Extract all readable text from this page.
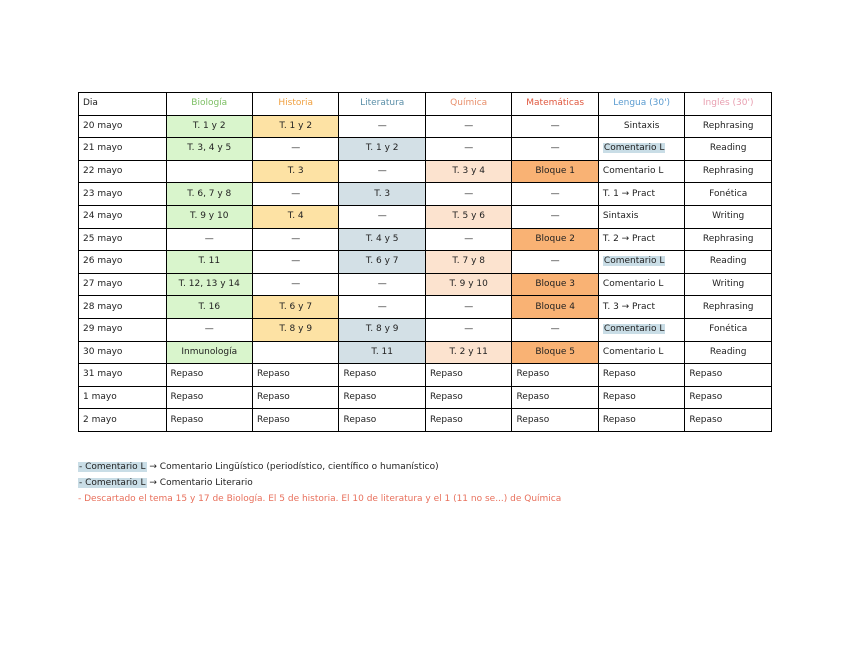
Dia	Biología	Historia	Literatura	Química	Matemáticas	Lengua (30')	Inglés (30')
20 mayo	T. 1 y 2	T. 1 y 2	—	—	—	Sintaxis	Rephrasing
21 mayo	T. 3, 4 y 5	—	T. 1 y 2	—	—	Comentario L	Reading
22 mayo		T. 3	—	T. 3 y 4	Bloque 1	Comentario L	Rephrasing
23 mayo	T. 6, 7 y 8	—	T. 3	—	—	T. 1 → Pract	Fonética
24 mayo	T. 9 y 10	T. 4	—	T. 5 y 6	—	Sintaxis	Writing
25 mayo	—	—	T. 4 y 5	—	Bloque 2	T. 2 → Pract	Rephrasing
26 mayo	T. 11	—	T. 6 y 7	T. 7 y 8	—	Comentario L	Reading
27 mayo	T. 12, 13 y 14	—	—	T. 9 y 10	Bloque 3	Comentario L	Writing
28 mayo	T. 16	T. 6 y 7	—	—	Bloque 4	T. 3 → Pract	Rephrasing
29 mayo	—	T. 8 y 9	T. 8 y 9	—	—	Comentario L	Fonética
30 mayo	Inmunología		T. 11	T. 2 y 11	Bloque 5	Comentario L	Reading
31 mayo	Repaso	Repaso	Repaso	Repaso	Repaso	Repaso	Repaso
1 mayo	Repaso	Repaso	Repaso	Repaso	Repaso	Repaso	Repaso
2 mayo	Repaso	Repaso	Repaso	Repaso	Repaso	Repaso	Repaso
- Comentario L → Comentario Lingüístico (periodístico, científico o humanístico)
- Comentario L → Comentario Literario
- Descartado el tema 15 y 17 de Biología. El 5 de historia. El 10 de literatura y el 1 (11 no se...) de Química
